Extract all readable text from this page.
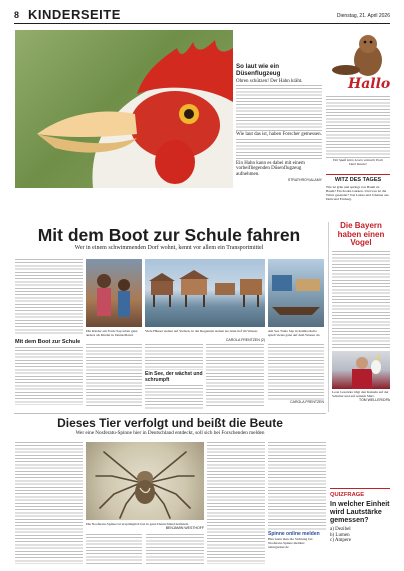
8 KINDERSEITE	Dienstag, 21. April 2026
So laut wie ein Düsenflugzeug
Ohren schützen! Der Hahn kräht.
Wie laut das ist, haben Forscher gemessen.
Ein Hahn kann es dabei mit einem vorbeifliegenden Düsenflugzeug aufnehmen.
STRATHROY/ALAMY
Hallo
Viel Spaß beim Lesen wünscht Euch Dani Kacker
WITZ DES TAGES
Wie ist grün und springt von Baum zu Baum? Ein Kodel-Gurken. Und was ist die Witze gesendet? Von Lukas und Johanna aus Dem und Ernberg.
Mit dem Boot zur Schule fahren
Wer in einem schwimmenden Dorf wohnt, kennt vor allem ein Transportmittel
Mit dem Boot zur Schule
Die Kinder am Tonle Sap leben ganz anders als Kinder in Deutschland.
Viele Häuser stehen auf Stelzen, in der Regenzeit stehen sie dann tief im Wasser.	Am See Tonle Sap in Kambodscha spielt vieles ganz auf dem Wasser ab.
CAROLA FRENTZEN (2)
Ein See, der wächst und schrumpft
CAROLA FRENTZEN
Die Bayern haben einen Vogel
Leon Goretzka trägt den Kakadu auf der Schulter und auf seinem Shirt.
TOM WELLER/DPA
Dieses Tier verfolgt und beißt die Beute
Wer eine Nosferatu-Spinne hier in Deutschland entdeckt, soll sich bei Forschenden melden
Die Nosferatu-Spinne ist ursprünglich fast in ganz Deutschland heimisch.
BENJAMIN WESTHOFF
Spinne online melden
Hier kann man die Sichtung bei Nosferatu-Spinne melden: naturgucker.de
QUIZFRAGE
In welcher Einheit wird Lautstärke gemessen?
a) Dezibel
b) Lumen
c) Ampere
